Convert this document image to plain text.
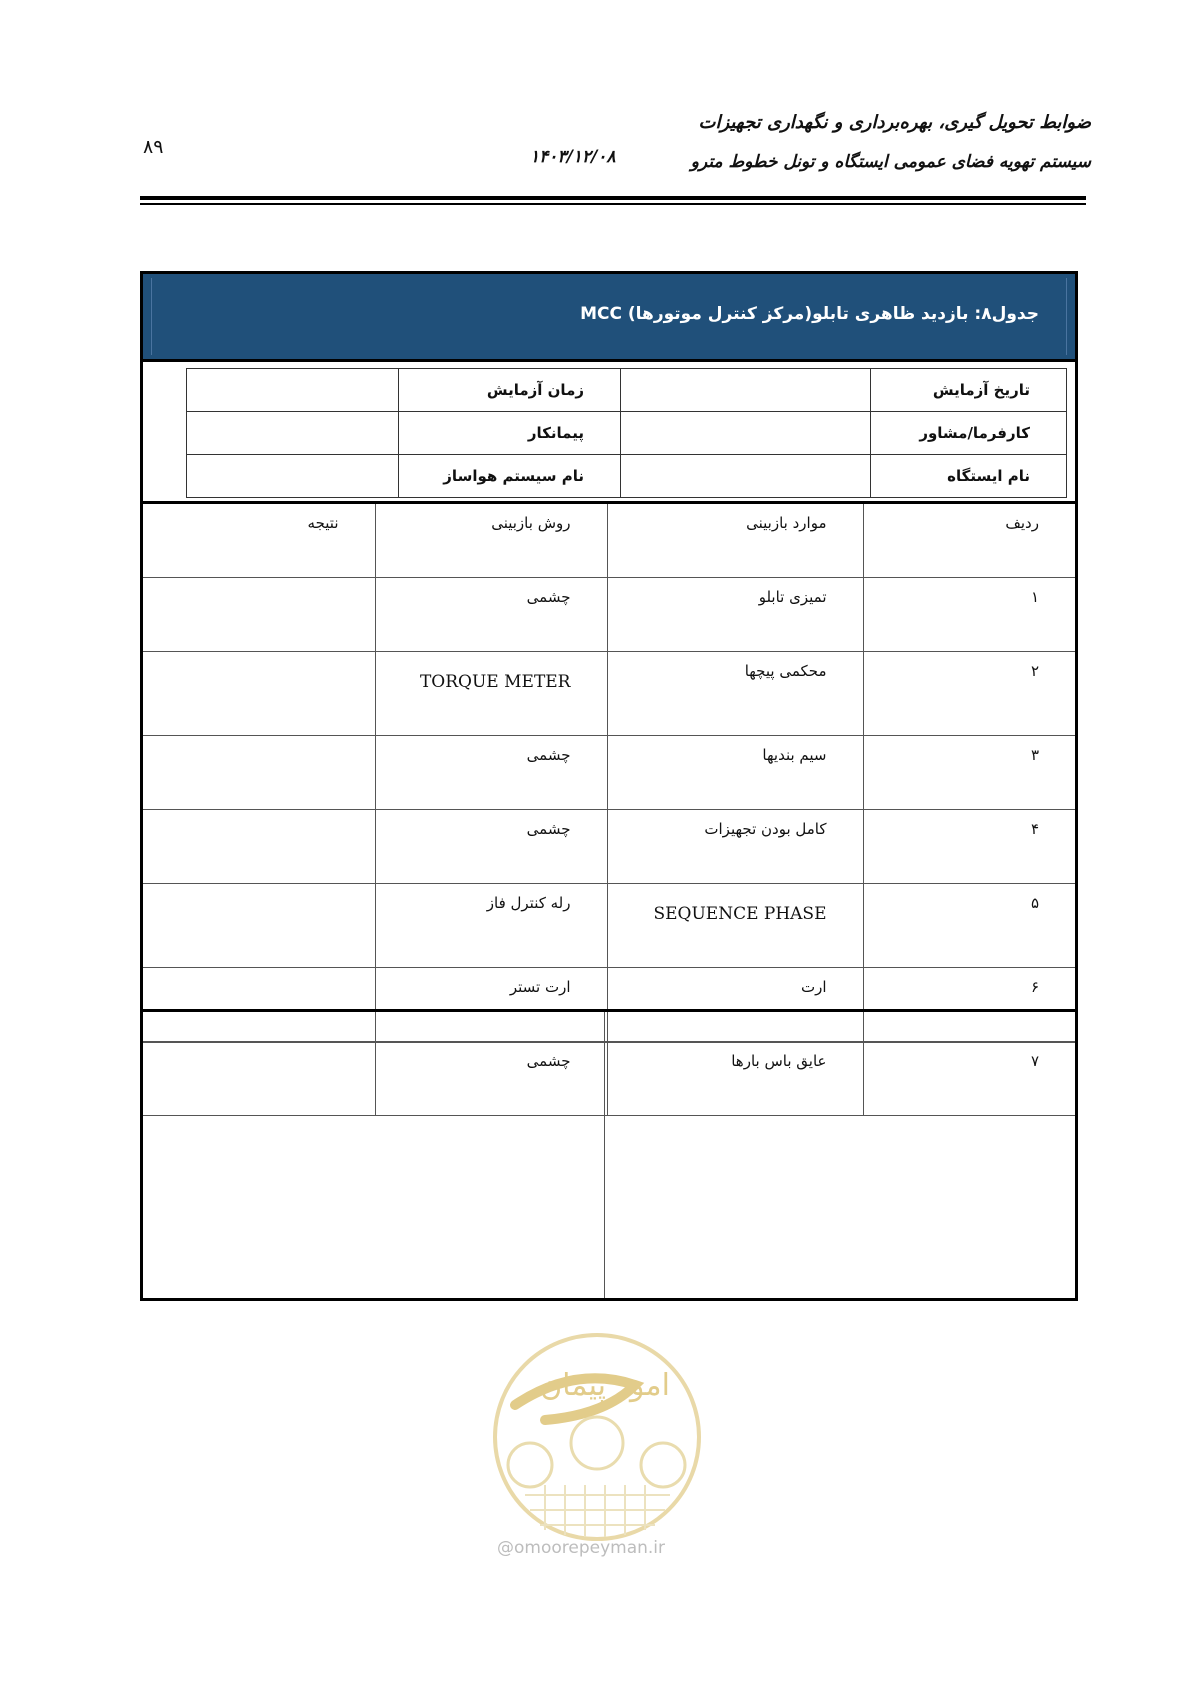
ضوابط تحویل گیری، بهره‌برداری و نگهداری تجهیزات
سیستم تهویه فضای عمومی ایستگاه و تونل خطوط مترو
۱۴۰۳/۱۲/۰۸
۸۹
جدول۸: بازدید ظاهری تابلو(مرکز کنترل موتورها) MCC
تاریخ آزمایش		زمان آزمایش	
کارفرما/مشاور		پیمانکار	
نام ایستگاه		نام سیستم هواساز	
ردیف	موارد بازبینی	روش بازبینی	نتیجه
۱	تمیزی تابلو	چشمی	
۲	محکمی پیچها	TORQUE METER	
۳	سیم بندیها	چشمی	
۴	کامل بودن تجهیزات	چشمی	
۵	SEQUENCE PHASE	رله کنترل فاز	
۶	ارت	ارت تستر	
۷	عایق باس بارها	چشمی	
امور پیمان
@omoorepeyman.ir
